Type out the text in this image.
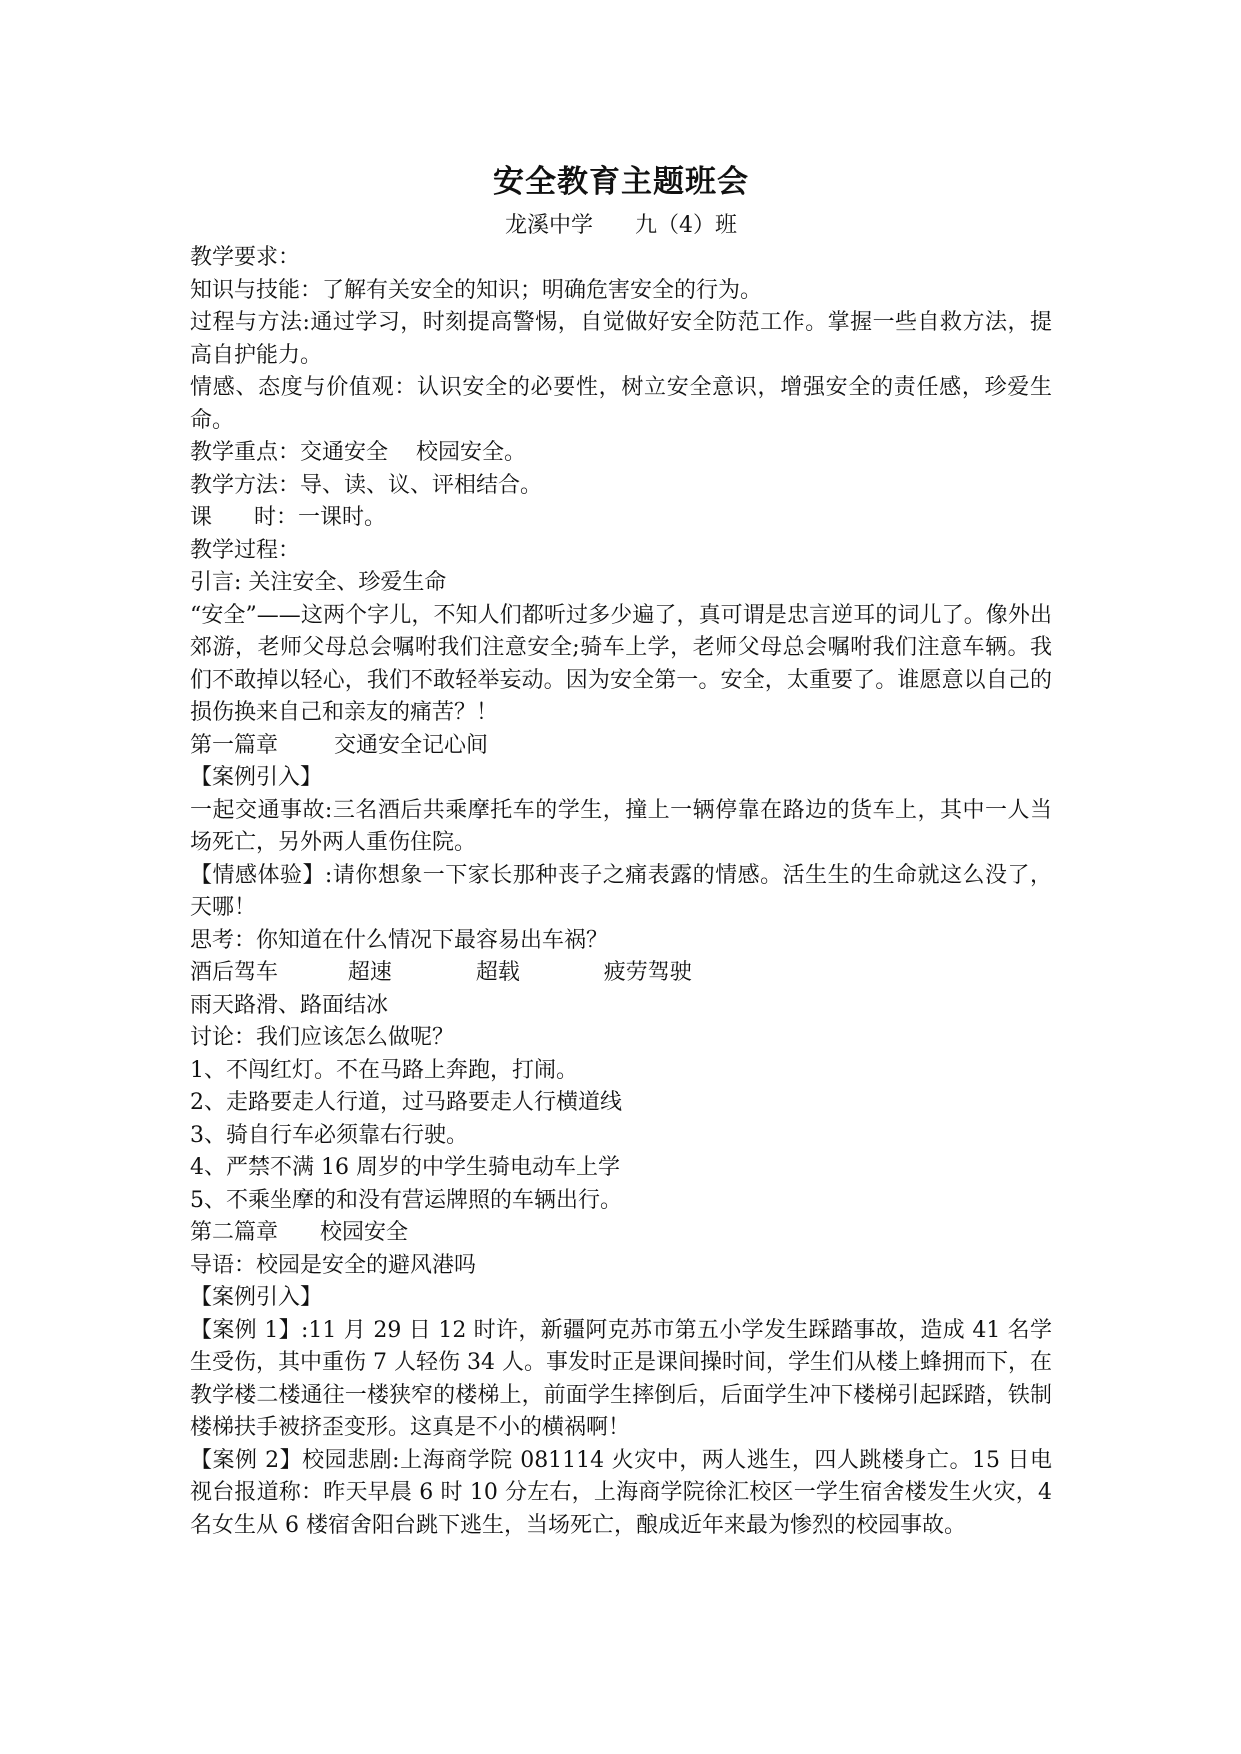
安全教育主题班会
龙溪中学      九（4）班

教学要求：

知识与技能：了解有关安全的知识；明确危害安全的行为。

过程与方法:通过学习，时刻提高警惕，自觉做好安全防范工作。掌握一些自救方法，提高自护能力。

情感、态度与价值观：认识安全的必要性，树立安全意识，增强安全的责任感，珍爱生命。

教学重点：交通安全    校园安全。

教学方法：导、读、议、评相结合。

课      时：一课时。

教学过程：

引言: 关注安全、珍爱生命

“安全”——这两个字儿，不知人们都听过多少遍了，真可谓是忠言逆耳的词儿了。像外出郊游，老师父母总会嘱咐我们注意安全;骑车上学，老师父母总会嘱咐我们注意车辆。我们不敢掉以轻心，我们不敢轻举妄动。因为安全第一。安全，太重要了。谁愿意以自己的损伤换来自己和亲友的痛苦？！

第一篇章        交通安全记心间

【案例引入】

一起交通事故:三名酒后共乘摩托车的学生，撞上一辆停靠在路边的货车上，其中一人当场死亡，另外两人重伤住院。

【情感体验】:请你想象一下家长那种丧子之痛表露的情感。活生生的生命就这么没了，天哪！

思考：你知道在什么情况下最容易出车祸？

酒后驾车          超速            超载            疲劳驾驶

雨天路滑、路面结冰

讨论：我们应该怎么做呢？

1、不闯红灯。不在马路上奔跑，打闹。

2、走路要走人行道，过马路要走人行横道线

3、骑自行车必须靠右行驶。

4、严禁不满 16 周岁的中学生骑电动车上学

5、不乘坐摩的和没有营运牌照的车辆出行。

第二篇章      校园安全

导语：校园是安全的避风港吗

【案例引入】

【案例 1】:11 月 29 日 12 时许，新疆阿克苏市第五小学发生踩踏事故，造成 41 名学生受伤，其中重伤 7 人轻伤 34 人。事发时正是课间操时间，学生们从楼上蜂拥而下，在教学楼二楼通往一楼狭窄的楼梯上，前面学生摔倒后，后面学生冲下楼梯引起踩踏，铁制楼梯扶手被挤歪变形。这真是不小的横祸啊！

【案例 2】校园悲剧:上海商学院 081114 火灾中，两人逃生，四人跳楼身亡。15 日电视台报道称：昨天早晨 6 时 10 分左右，上海商学院徐汇校区一学生宿舍楼发生火灾，4 名女生从 6 楼宿舍阳台跳下逃生，当场死亡，酿成近年来最为惨烈的校园事故。
